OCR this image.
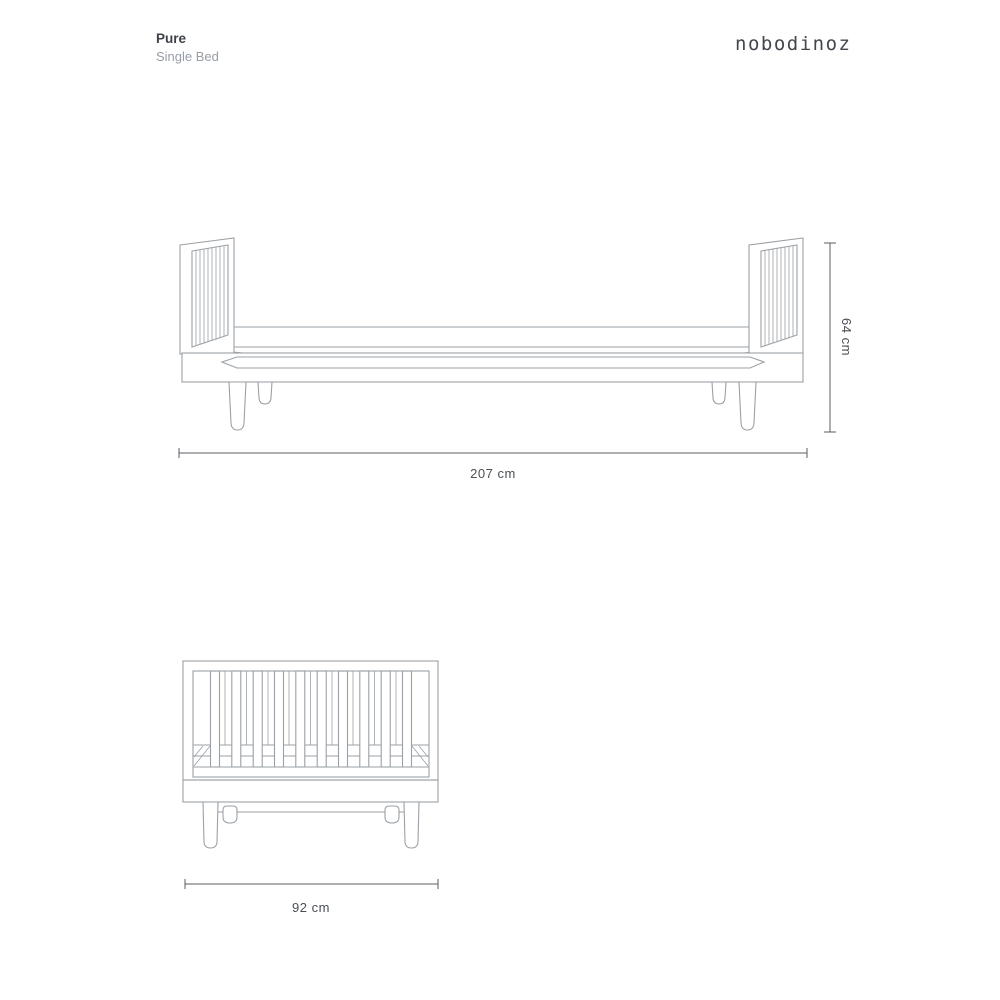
Pure
Single Bed
nobodinoz
64 cm
207 cm
92 cm
